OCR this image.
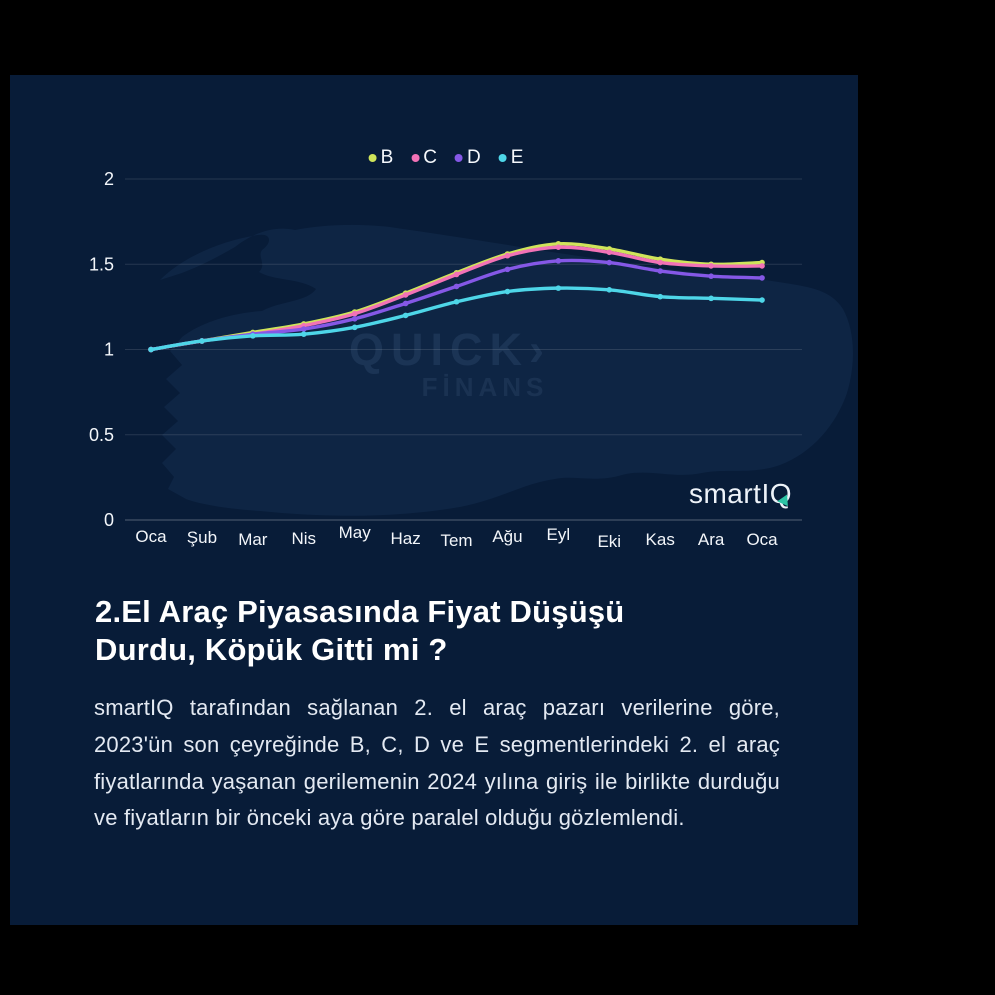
0
0.5
1
1.5
2
Oca Şub Mar Nis May Haz Tem Ağu Eyl Eki Kas Ara Oca
B C D E
smartIQ
2.El Araç Piyasasında Fiyat Düşüşü Durdu, Köpük Gitti mi ?
smartIQ tarafından sağlanan 2. el araç pazarı verilerine göre, 2023'ün son çeyreğinde B, C, D ve E segmentlerindeki 2. el araç fiyatlarında yaşanan gerilemenin 2024 yılına giriş ile birlikte durduğu ve fiyatların bir önceki aya göre paralel olduğu gözlemlendi.
